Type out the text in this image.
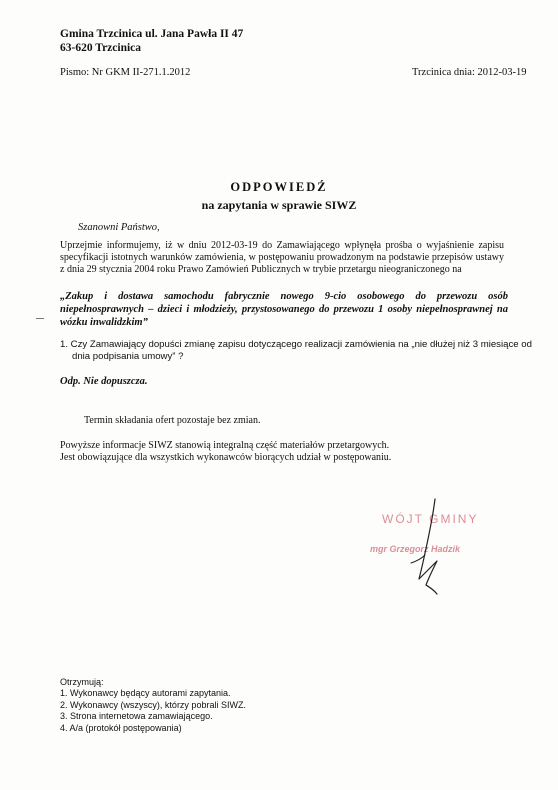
Gmina Trzcinica ul. Jana Pawła II 47
63-620 Trzcinica
Pismo: Nr GKM II-271.1.2012	Trzcinica dnia: 2012-03-19
ODPOWIEDŹ
na zapytania w sprawie SIWZ
Szanowni Państwo,
Uprzejmie informujemy, iż w dniu 2012-03-19 do Zamawiającego wpłynęła prośba o wyjaśnienie zapisu specyfikacji istotnych warunków zamówienia, w postępowaniu prowadzonym na podstawie przepisów ustawy z dnia 29 stycznia 2004 roku Prawo Zamówień Publicznych w trybie przetargu nieograniczonego na
„Zakup i dostawa samochodu fabrycznie nowego 9-cio osobowego do przewozu osób niepełnosprawnych – dzieci i młodzieży, przystosowanego do przewozu 1 osoby niepełnosprawnej na wózku inwalidzkim”
1. Czy Zamawiający dopuści zmianę zapisu dotyczącego realizacji zamówienia na „nie dłużej niż 3 miesiące od
dnia podpisania umowy” ?
Odp. Nie dopuszcza.
Termin składania ofert pozostaje bez zmian.
Powyższe informacje SIWZ stanowią integralną część materiałów przetargowych.
Jest obowiązujące dla wszystkich wykonawców biorących udział w postępowaniu.
WÓJT GMINY
mgr Grzegorz Hadzik
Otrzymują:
1. Wykonawcy będący autorami zapytania.
2. Wykonawcy (wszyscy), którzy pobrali SIWZ.
3. Strona internetowa zamawiającego.
4. A/a (protokół postępowania)
